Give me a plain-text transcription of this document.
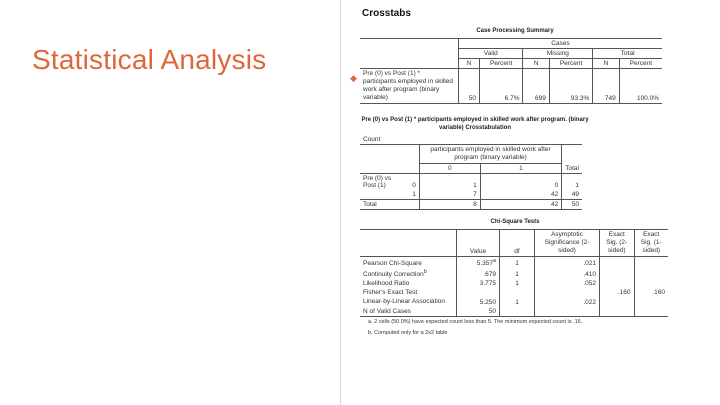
Statistical Analysis
◆
Crosstabs
Case Processing Summary
	Cases					
	Valid		Missing		Total	
	N	Percent	N	Percent	N	Percent
Pre (0) vs Post (1) * participants employed in skilled work after program (binary variable)	50	6.7%	699	93.3%	749	100.0%
Pre (0) vs Post (1) * participants employed in skilled work after program. (binary variable) Crosstabulation
Count				
		participants employed in skilled work after program (binary variable)		
		0	1	Total
Pre (0) vs Post (1)	0	1	0	1
	1	7	42	49
Total		8	42	50
Chi-Square Tests
	Value	df	Asymptotic Significance (2-sided)	Exact Sig. (2-sided)	Exact Sig. (1-sided)
Pearson Chi-Square	5.357$^a$	1	.021		
Continuity Correction$^b$	.679	1	.410		
Likelihood Ratio	3.775	1	.052		
Fisher's Exact Test				.160	.160
Linear-by-Linear Association	5.250	1	.022		
N of Valid Cases	50				
a. 2 cells (50.0%) have expected count less than 5. The minimum expected count is .16.
b. Computed only for a 2x2 table
